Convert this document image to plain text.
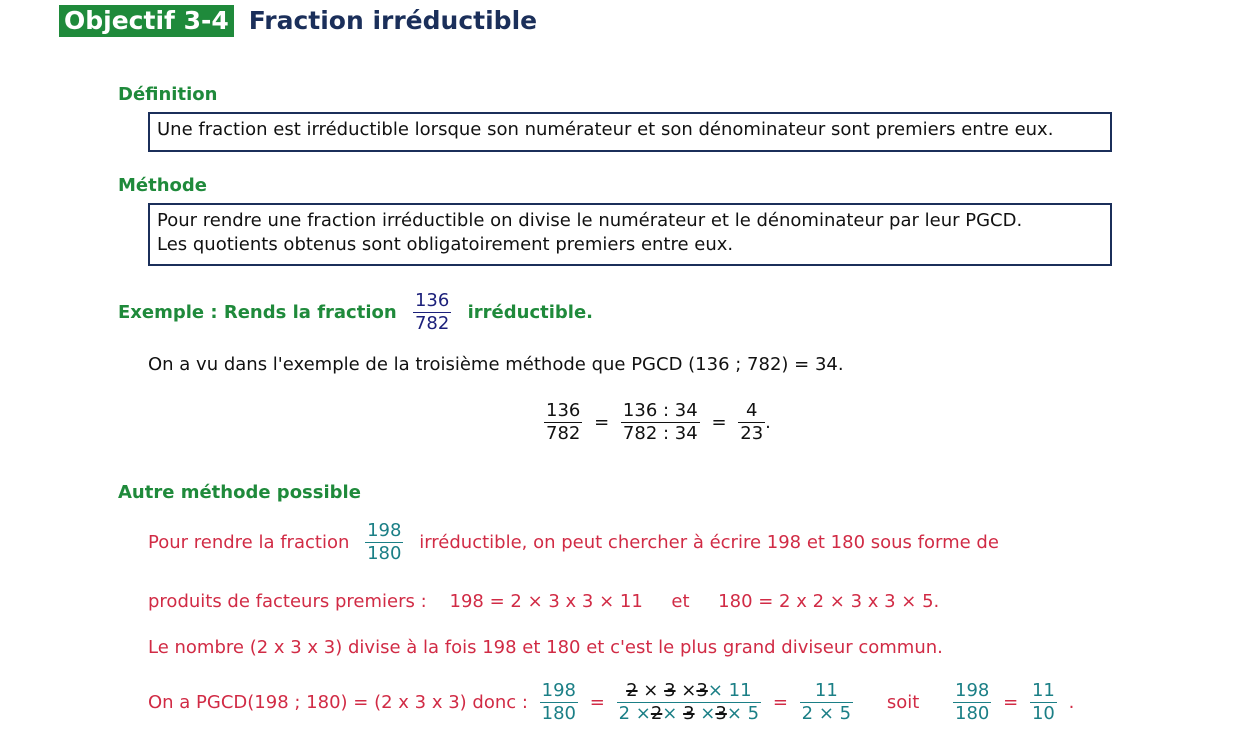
Objectif 3-4 Fraction irréductible
Définition
Une fraction est irréductible lorsque son numérateur et son dénominateur sont premiers entre eux.
Méthode
Pour rendre une fraction irréductible on divise le numérateur et le dénominateur par leur PGCD.
Les quotients obtenus sont obligatoirement premiers entre eux.
Exemple : Rends la fraction $\frac{136}{782}$ irréductible.
On a vu dans l'exemple de la troisième méthode que PGCD (136 ; 782) = 34.
$\frac{136}{782} = \frac{136 : 34}{782 : 34} = \frac{4}{23}$ .
Autre méthode possible
Pour rendre la fraction $\frac{198}{180}$ irréductible, on peut chercher à écrire 198 et 180 sous forme de
produits de facteurs premiers :    198 = 2 × 3 x 3 × 11     et     180 = 2 x 2 × 3 x 3 × 5.
Le nombre (2 x 3 x 3) divise à la fois 198 et 180 et c'est le plus grand diviseur commun.
On a PGCD(198 ; 180) = (2 x 3 x 3) donc : $\frac{198}{180} = \frac{2 \times 3 \times 3\times 11}{2 \times 2\times 3 \times 3\times 5} = \frac{11}{2 \times 5}$ soit $\frac{198}{180} = \frac{11}{10}$ .
